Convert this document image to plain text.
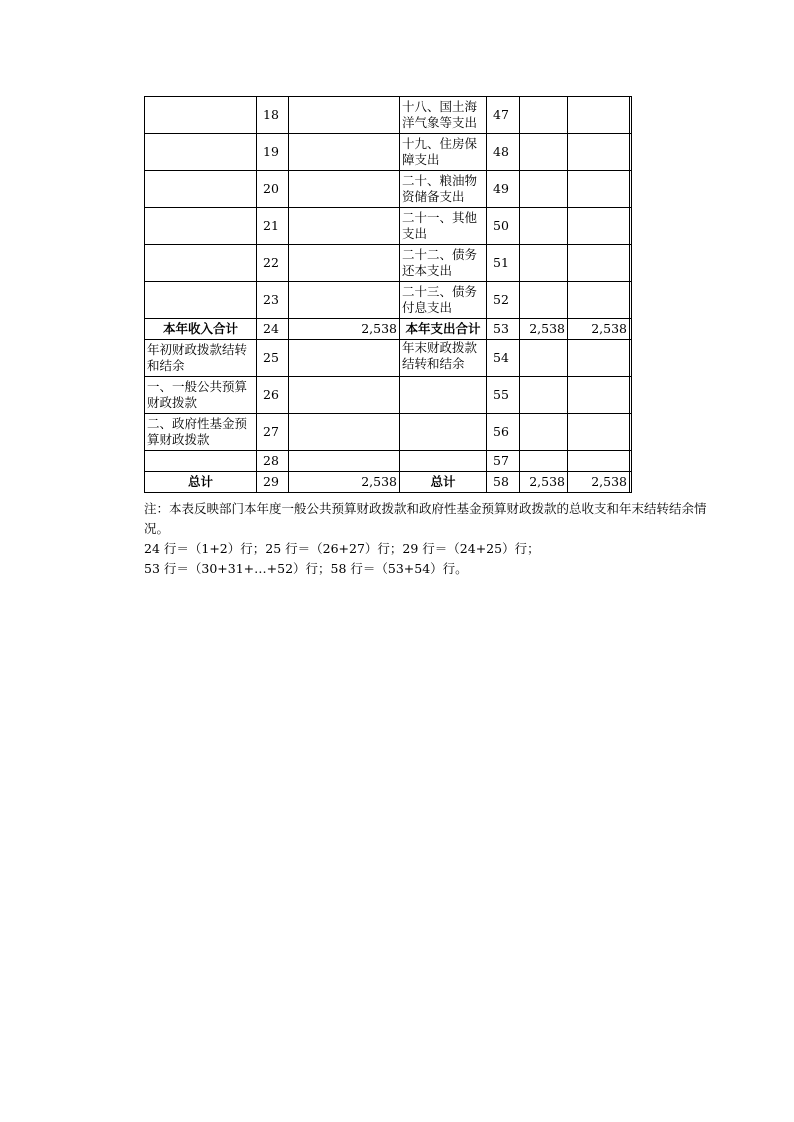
	18		十八、国土海洋气象等支出	47			
	19		十九、住房保障支出	48			
	20		二十、粮油物资储备支出	49			
	21		二十一、其他支出	50			
	22		二十二、债务还本支出	51			
	23		二十三、债务付息支出	52			
本年收入合计	24	2,538	本年支出合计	53	2,538	2,538	
年初财政拨款结转和结余	25		年末财政拨款结转和结余	54			
一、一般公共预算财政拨款	26			55			
二、政府性基金预算财政拨款	27			56			
	28			57			
总计	29	2,538	总计	58	2,538	2,538	

注：本表反映部门本年度一般公共预算财政拨款和政府性基金预算财政拨款的总收支和年末结转结余情况。

24 行＝（1+2）行；25 行＝（26+27）行；29 行＝（24+25）行；

53 行＝（30+31+…+52）行；58 行＝（53+54）行。
